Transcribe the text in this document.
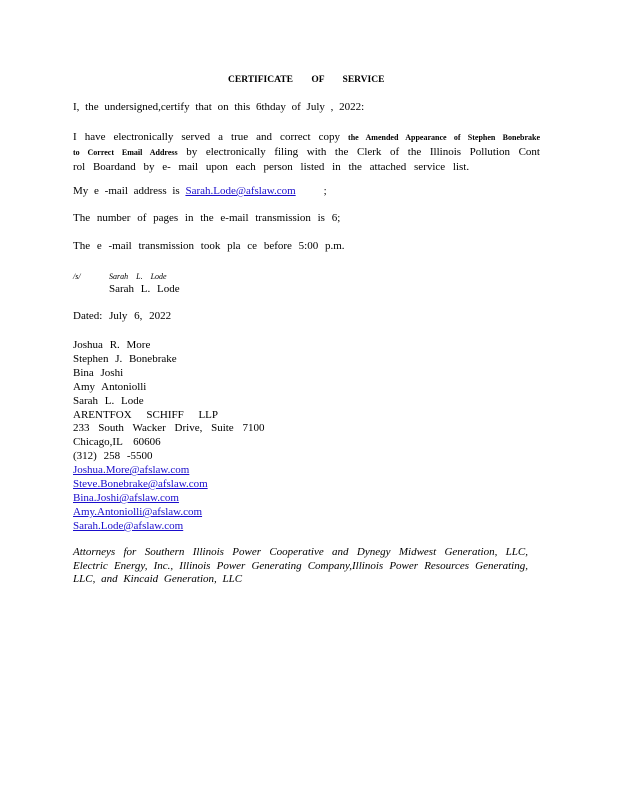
CERTIFICATE OF SERVICE
I, the undersigned,certify that on this 6thday of July , 2022:
I have electronically served a true and correct copy the Amended Appearance of Stephen Bonebrake to Correct Email Address by electronically filing with the Clerk of the Illinois Pollution Cont rol Boardand by e- mail upon each person listed in the attached service list.
My e -mail address is Sarah.Lode@afslaw.com	;
The number of pages in the e-mail transmission is 6;
The e -mail transmission took pla ce before 5:00 p.m.
/s/	Sarah L. Lode
Sarah L. Lode
Dated: July 6, 2022
Joshua R. More
Stephen J. Bonebrake
Bina Joshi
Amy Antoniolli
Sarah L. Lode
ARENTFOX SCHIFF LLP
233 South Wacker Drive, Suite 7100
Chicago,IL 60606
(312) 258 -5500
Joshua.More@afslaw.com
Steve.Bonebrake@afslaw.com
Bina.Joshi@afslaw.com
Amy.Antoniolli@afslaw.com
Sarah.Lode@afslaw.com
Attorneys for Southern Illinois Power Cooperative and Dynegy Midwest Generation, LLC, Electric Energy, Inc., Illinois Power Generating Company,Illinois Power Resources Generating, LLC, and Kincaid Generation, LLC
